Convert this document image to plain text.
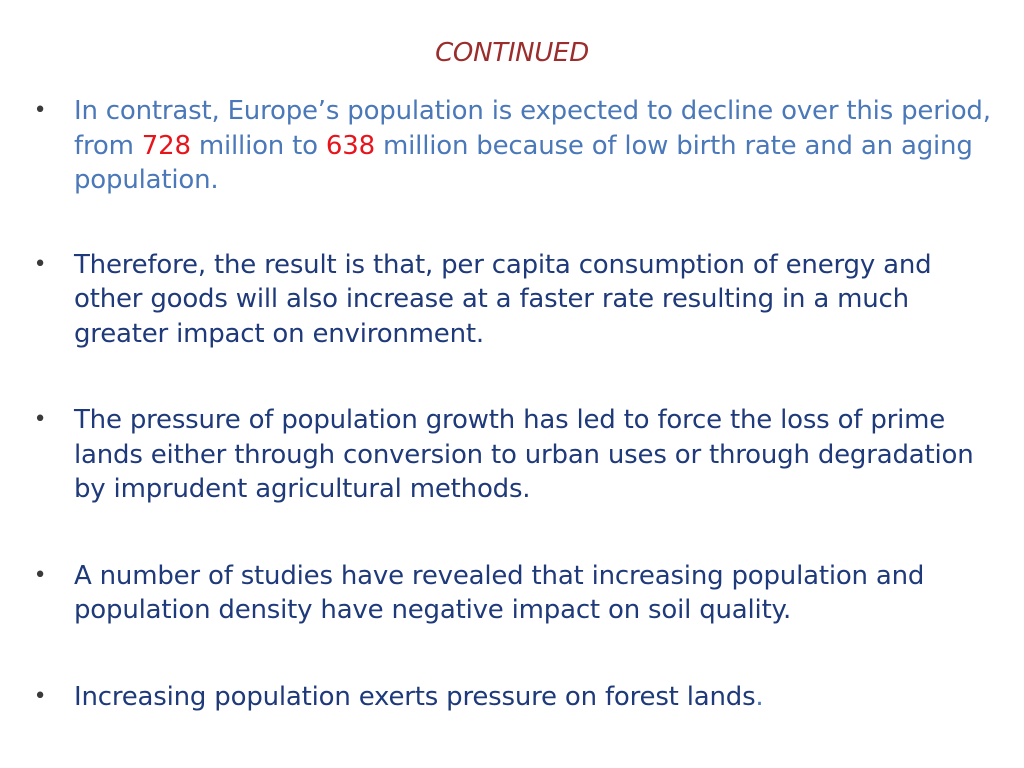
CONTINUED
• In contrast, Europe’s population is expected to decline over this period, from 728 million to 638 million because of low birth rate and an aging population.
• Therefore, the result is that, per capita consumption of energy and other goods will also increase at a faster rate resulting in a much greater impact on environment.
• The pressure of population growth has led to force the loss of prime lands either through conversion to urban uses or through degradation by imprudent agricultural methods.
• A number of studies have revealed that increasing population and population density have negative impact on soil quality.
• Increasing population exerts pressure on forest lands.
